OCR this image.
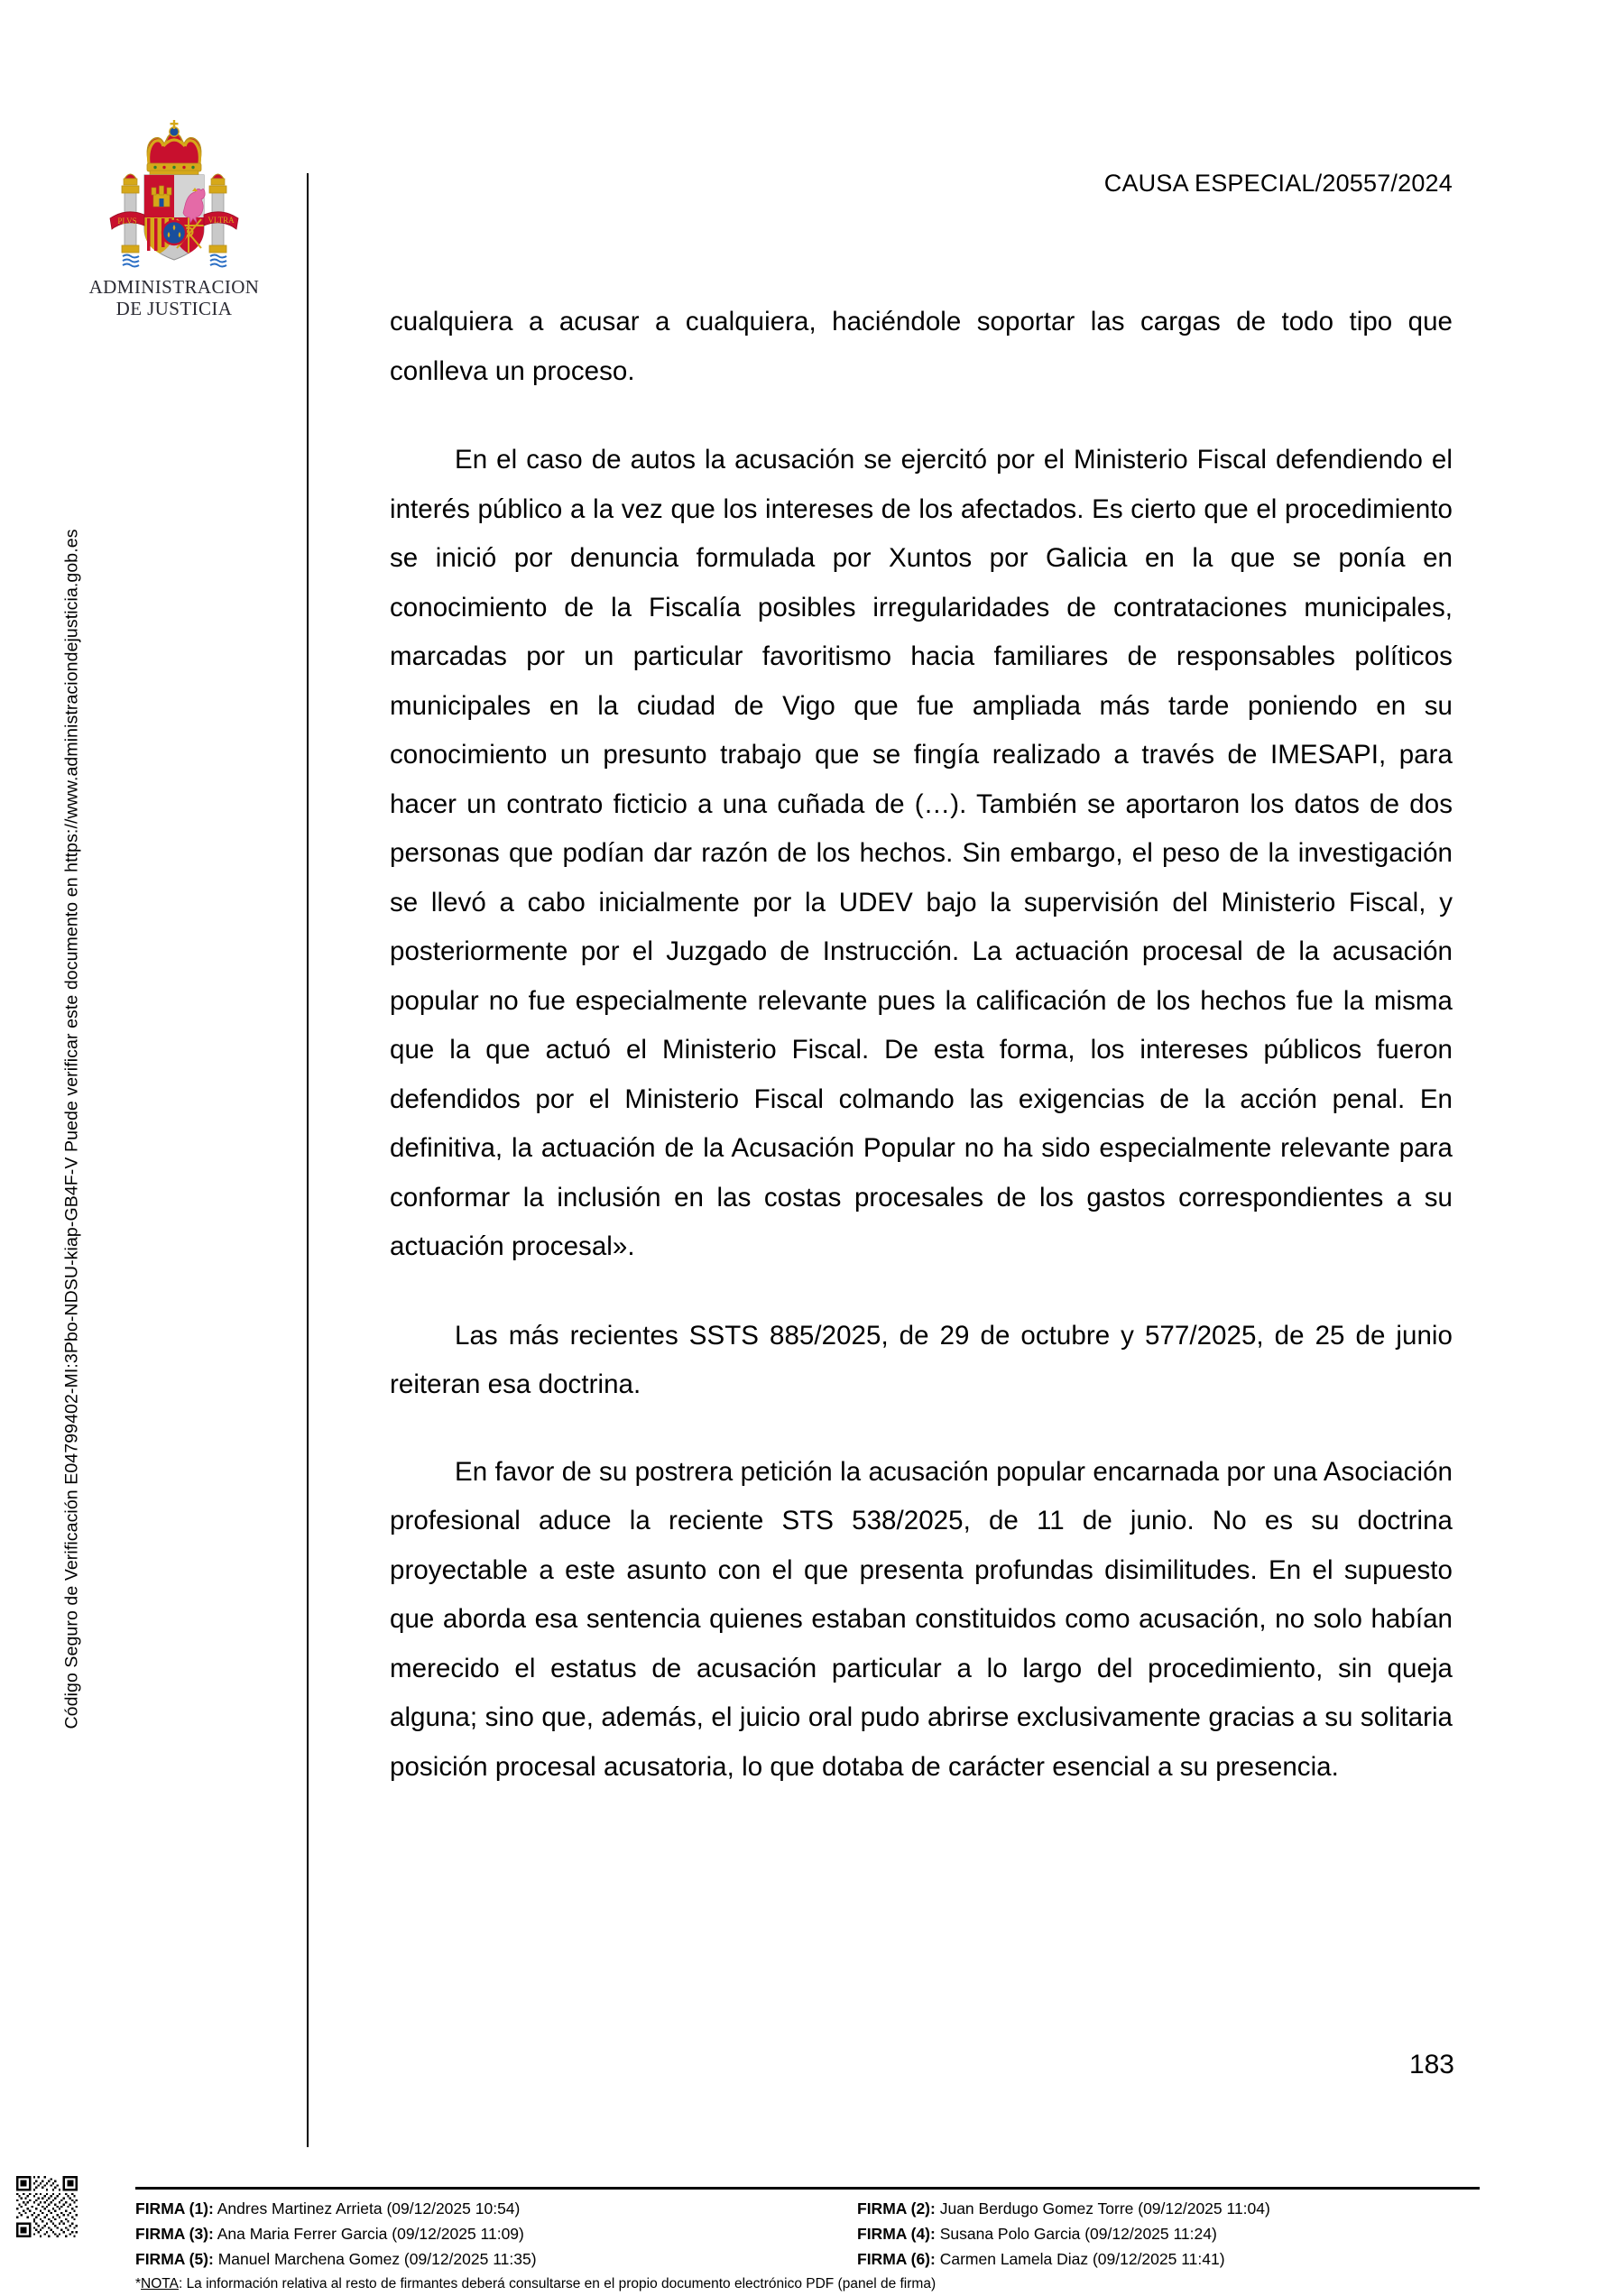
Código Seguro de Verificación E04799402-MI:3Pbo-NDSU-kiap-GB4F-V Puede verificar este documento en https://www.administraciondejusticia.gob.es
PLVS	VLTRA
ADMINISTRACION
DE JUSTICIA
CAUSA ESPECIAL/20557/2024

cualquiera a acusar a cualquiera, haciéndole soportar las cargas de todo tipo que conlleva un proceso.

En el caso de autos la acusación se ejercitó por el Ministerio Fiscal defendiendo el interés público a la vez que los intereses de los afectados. Es cierto que el procedimiento se inició por denuncia formulada por Xuntos por Galicia en la que se ponía en conocimiento de la Fiscalía posibles irregularidades de contrataciones municipales, marcadas por un particular favoritismo hacia familiares de responsables políticos municipales en la ciudad de Vigo que fue ampliada más tarde poniendo en su conocimiento un presunto trabajo que se fingía realizado a través de IMESAPI, para hacer un contrato ficticio a una cuñada de (…). También se aportaron los datos de dos personas que podían dar razón de los hechos. Sin embargo, el peso de la investigación se llevó a cabo inicialmente por la UDEV bajo la supervisión del Ministerio Fiscal, y posteriormente por el Juzgado de Instrucción. La actuación procesal de la acusación popular no fue especialmente relevante pues la calificación de los hechos fue la misma que la que actuó el Ministerio Fiscal. De esta forma, los intereses públicos fueron defendidos por el Ministerio Fiscal colmando las exigencias de la acción penal. En definitiva, la actuación de la Acusación Popular no ha sido especialmente relevante para conformar la inclusión en las costas procesales de los gastos correspondientes a su actuación procesal».

Las más recientes SSTS 885/2025, de 29 de octubre y 577/2025, de 25 de junio reiteran esa doctrina.

En favor de su postrera petición la acusación popular encarnada por una Asociación profesional aduce la reciente STS 538/2025, de 11 de junio. No es su doctrina proyectable a este asunto con el que presenta profundas disimilitudes. En el supuesto que aborda esa sentencia quienes estaban constituidos como acusación, no solo habían merecido el estatus de acusación particular a lo largo del procedimiento, sin queja alguna; sino que, además, el juicio oral pudo abrirse exclusivamente gracias a su solitaria posición procesal acusatoria, lo que dotaba de carácter esencial a su presencia.

183
FIRMA (1): Andres Martinez Arrieta (09/12/2025 10:54)	FIRMA (2): Juan Berdugo Gomez Torre (09/12/2025 11:04)
FIRMA (3): Ana Maria Ferrer Garcia (09/12/2025 11:09)	FIRMA (4): Susana Polo Garcia (09/12/2025 11:24)
FIRMA (5): Manuel Marchena Gomez (09/12/2025 11:35)	FIRMA (6): Carmen Lamela Diaz (09/12/2025 11:41)
*NOTA: La información relativa al resto de firmantes deberá consultarse en el propio documento electrónico PDF (panel de firma)
